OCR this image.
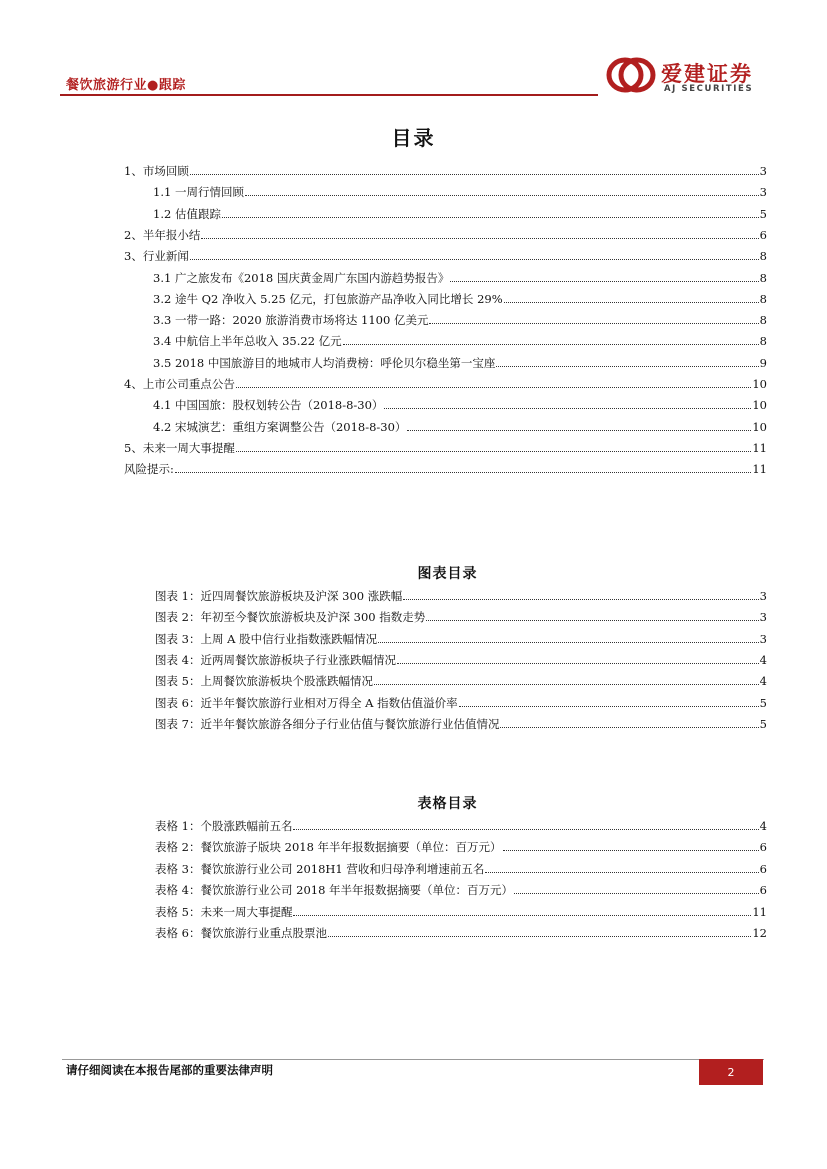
餐饮旅游行业●跟踪	爱建证券
AJ SECURITIES
目录
1、市场回顾	3
1.1 一周行情回顾	3
1.2 估值跟踪	5
2、半年报小结	6
3、行业新闻	8
3.1 广之旅发布《2018 国庆黄金周广东国内游趋势报告》	8
3.2 途牛 Q2 净收入 5.25 亿元，打包旅游产品净收入同比增长 29%	8
3.3 一带一路：2020 旅游消费市场将达 1100 亿美元	8
3.4 中航信上半年总收入 35.22 亿元	8
3.5 2018 中国旅游目的地城市人均消费榜：呼伦贝尔稳坐第一宝座	9
4、上市公司重点公告	10
4.1 中国国旅：股权划转公告（2018-8-30）	10
4.2 宋城演艺：重组方案调整公告（2018-8-30）	10
5、未来一周大事提醒	11
风险提示:	11
图表目录
图表 1：近四周餐饮旅游板块及沪深 300 涨跌幅	3
图表 2：年初至今餐饮旅游板块及沪深 300 指数走势	3
图表 3：上周 A 股中信行业指数涨跌幅情况	3
图表 4：近两周餐饮旅游板块子行业涨跌幅情况	4
图表 5：上周餐饮旅游板块个股涨跌幅情况	4
图表 6：近半年餐饮旅游行业相对万得全 A 指数估值溢价率	5
图表 7：近半年餐饮旅游各细分子行业估值与餐饮旅游行业估值情况	5
表格目录
表格 1：个股涨跌幅前五名	4
表格 2：餐饮旅游子版块 2018 年半年报数据摘要（单位：百万元）	6
表格 3：餐饮旅游行业公司 2018H1 营收和归母净利增速前五名	6
表格 4：餐饮旅游行业公司 2018 年半年报数据摘要（单位：百万元）	6
表格 5：未来一周大事提醒	11
表格 6：餐饮旅游行业重点股票池	12
请仔细阅读在本报告尾部的重要法律声明	2
